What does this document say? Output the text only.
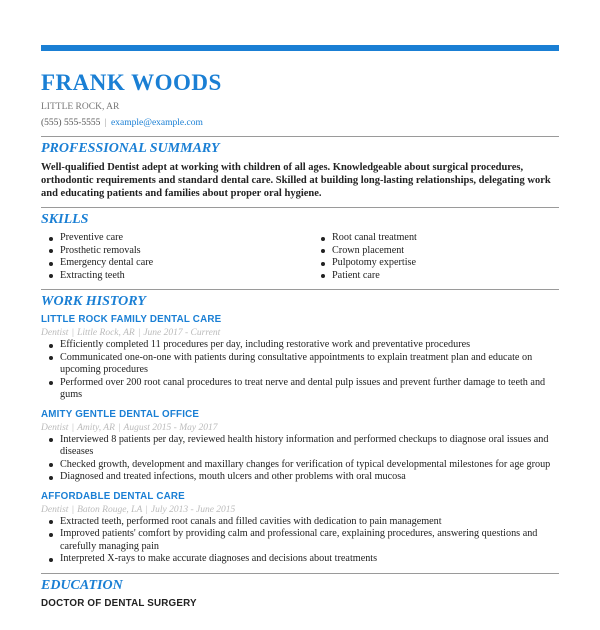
FRANK WOODS
LITTLE ROCK, AR
(555) 555-5555 | example@example.com
PROFESSIONAL SUMMARY

Well-qualified Dentist adept at working with children of all ages. Knowledgeable about surgical procedures, orthodontic requirements and standard dental care. Skilled at building long-lasting relationships, delegating work and educating patients and families about proper oral hygiene.

SKILLS
Preventive care
Prosthetic removals
Emergency dental care
Extracting teeth
Root canal treatment
Crown placement
Pulpotomy expertise
Patient care
WORK HISTORY
LITTLE ROCK FAMILY DENTAL CARE
Dentist | Little Rock, AR | June 2017 - Current
Efficiently completed 11 procedures per day, including restorative work and preventative procedures
Communicated one-on-one with patients during consultative appointments to explain treatment plan and educate on upcoming procedures
Performed over 200 root canal procedures to treat nerve and dental pulp issues and prevent further damage to teeth and gums
AMITY GENTLE DENTAL OFFICE
Dentist | Amity, AR | August 2015 - May 2017
Interviewed 8 patients per day, reviewed health history information and performed checkups to diagnose oral issues and diseases
Checked growth, development and maxillary changes for verification of typical developmental milestones for age group
Diagnosed and treated infections, mouth ulcers and other problems with oral mucosa
AFFORDABLE DENTAL CARE
Dentist | Baton Rouge, LA | July 2013 - June 2015
Extracted teeth, performed root canals and filled cavities with dedication to pain management
Improved patients' comfort by providing calm and professional care, explaining procedures, answering questions and carefully managing pain
Interpreted X-rays to make accurate diagnoses and decisions about treatments
EDUCATION
DOCTOR OF DENTAL SURGERY
